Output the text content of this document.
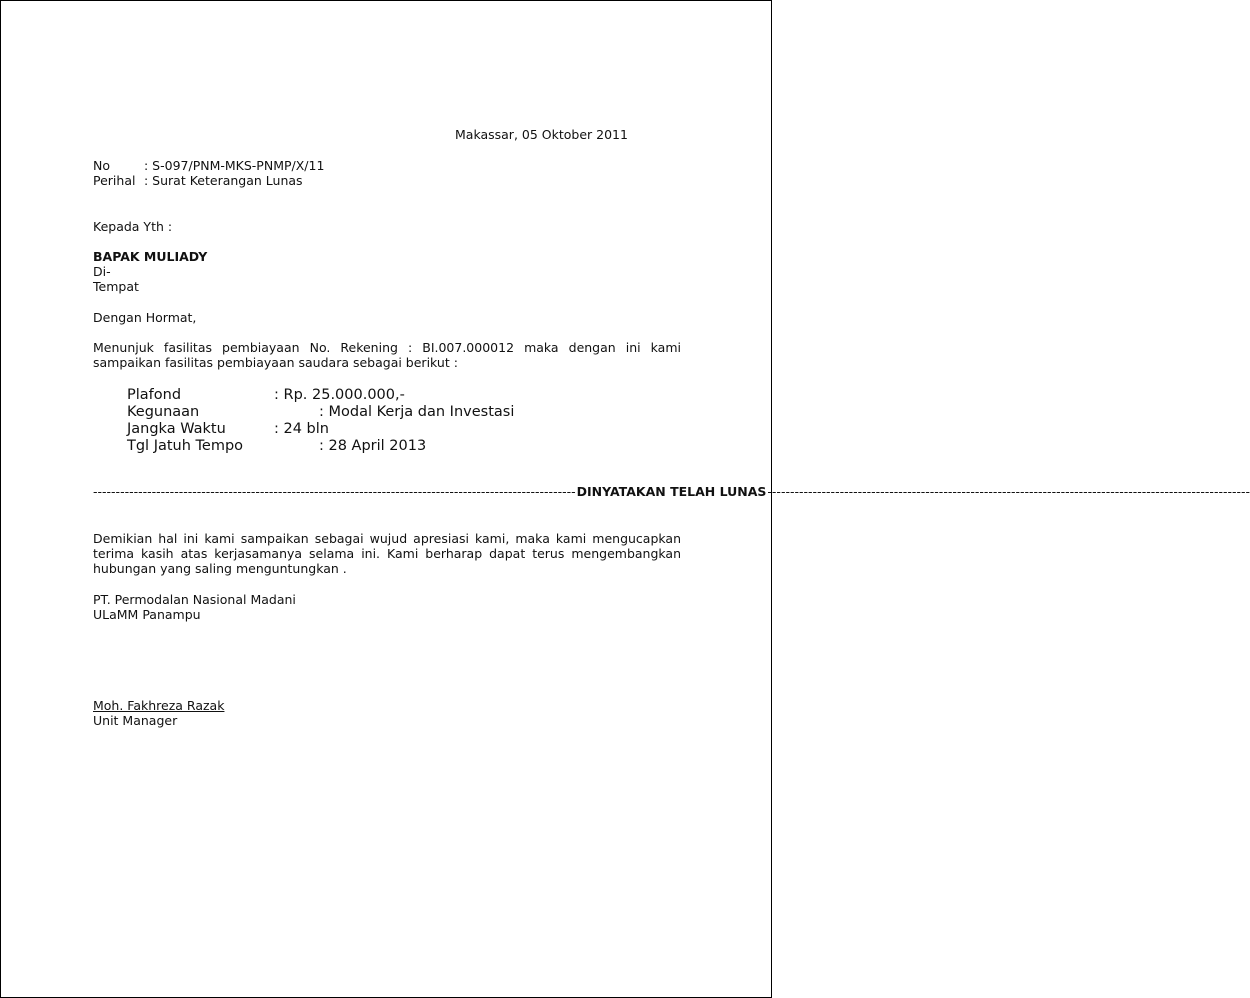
Makassar, 05 Oktober 2011
No	: S-097/PNM-MKS-PNMP/X/11
Perihal : Surat Keterangan Lunas
Kepada Yth :
BAPAK MULIADY
Di-
Tempat
Dengan Hormat,
Menunjuk fasilitas pembiayaan No. Rekening : BI.007.000012 maka dengan ini kami
sampaikan fasilitas pembiayaan saudara sebagai berikut :
Plafond	: Rp. 25.000.000,-
Kegunaan	: Modal Kerja dan Investasi
Jangka Waktu	: 24 bln
Tgl Jatuh Tempo	: 28 April 2013
----------------------------------------------------------------------------------------------------------- DINYATAKAN TELAH LUNAS -----------------------------------------------------------------------------------------------------------
Demikian hal ini kami sampaikan sebagai wujud apresiasi kami, maka kami mengucapkan
terima kasih atas kerjasamanya selama ini. Kami berharap dapat terus mengembangkan
hubungan yang saling menguntungkan .
PT. Permodalan Nasional Madani
ULaMM Panampu
Moh. Fakhreza Razak
Unit Manager
